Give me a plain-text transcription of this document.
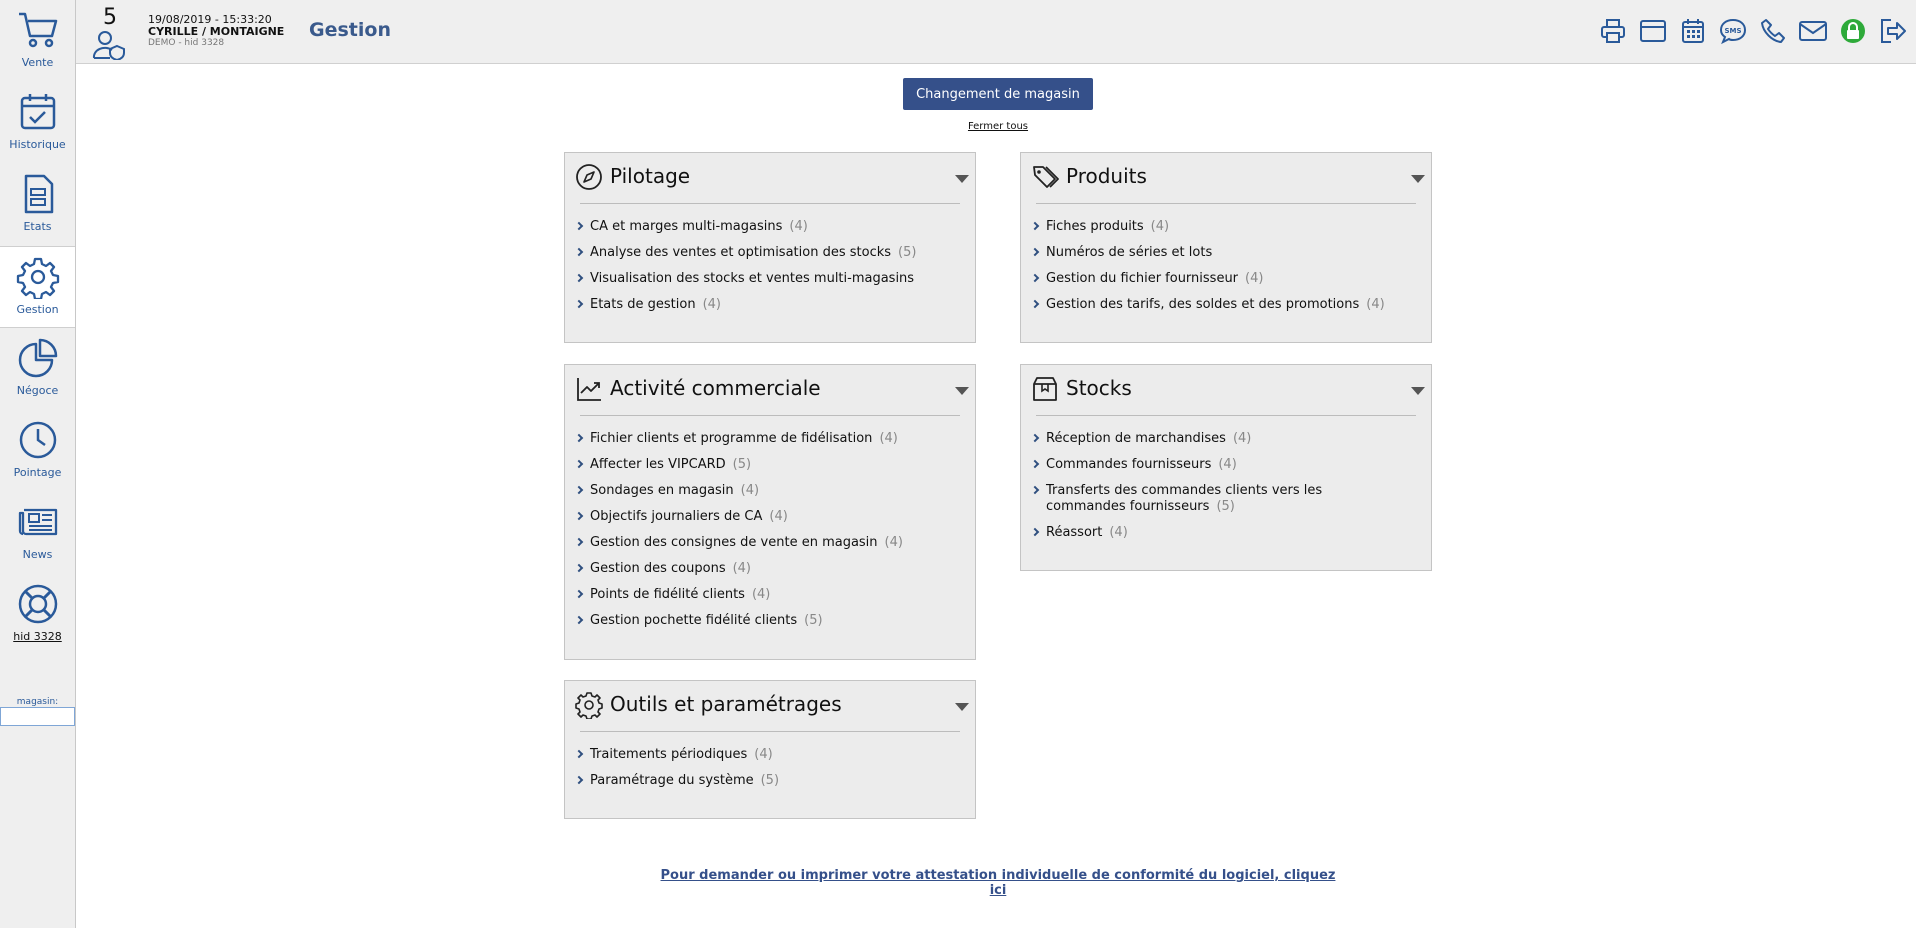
Vente
Historique
Etats
Gestion
Négoce
Pointage
News
hid 3328
magasin:
5	19/08/2019 - 15:33:20
CYRILLE / MONTAIGNE
DEMO - hid 3328
Gestion	SMS
Changement de magasin
Fermer tous
Pilotage
CA et marges multi-magasins (4)
Analyse des ventes et optimisation des stocks (5)
Visualisation des stocks et ventes multi-magasins
Etats de gestion (4)
Produits
Fiches produits (4)
Numéros de séries et lots
Gestion du fichier fournisseur (4)
Gestion des tarifs, des soldes et des promotions (4)
Activité commerciale
Fichier clients et programme de fidélisation (4)
Affecter les VIPCARD (5)
Sondages en magasin (4)
Objectifs journaliers de CA (4)
Gestion des consignes de vente en magasin (4)
Gestion des coupons (4)
Points de fidélité clients (4)
Gestion pochette fidélité clients (5)
Stocks
Réception de marchandises (4)
Commandes fournisseurs (4)
Transferts des commandes clients vers les commandes fournisseurs (5)
Réassort (4)
Outils et paramétrages
Traitements périodiques (4)
Paramétrage du système (5)
Pour demander ou imprimer votre attestation individuelle de conformité du logiciel, cliquez ici
